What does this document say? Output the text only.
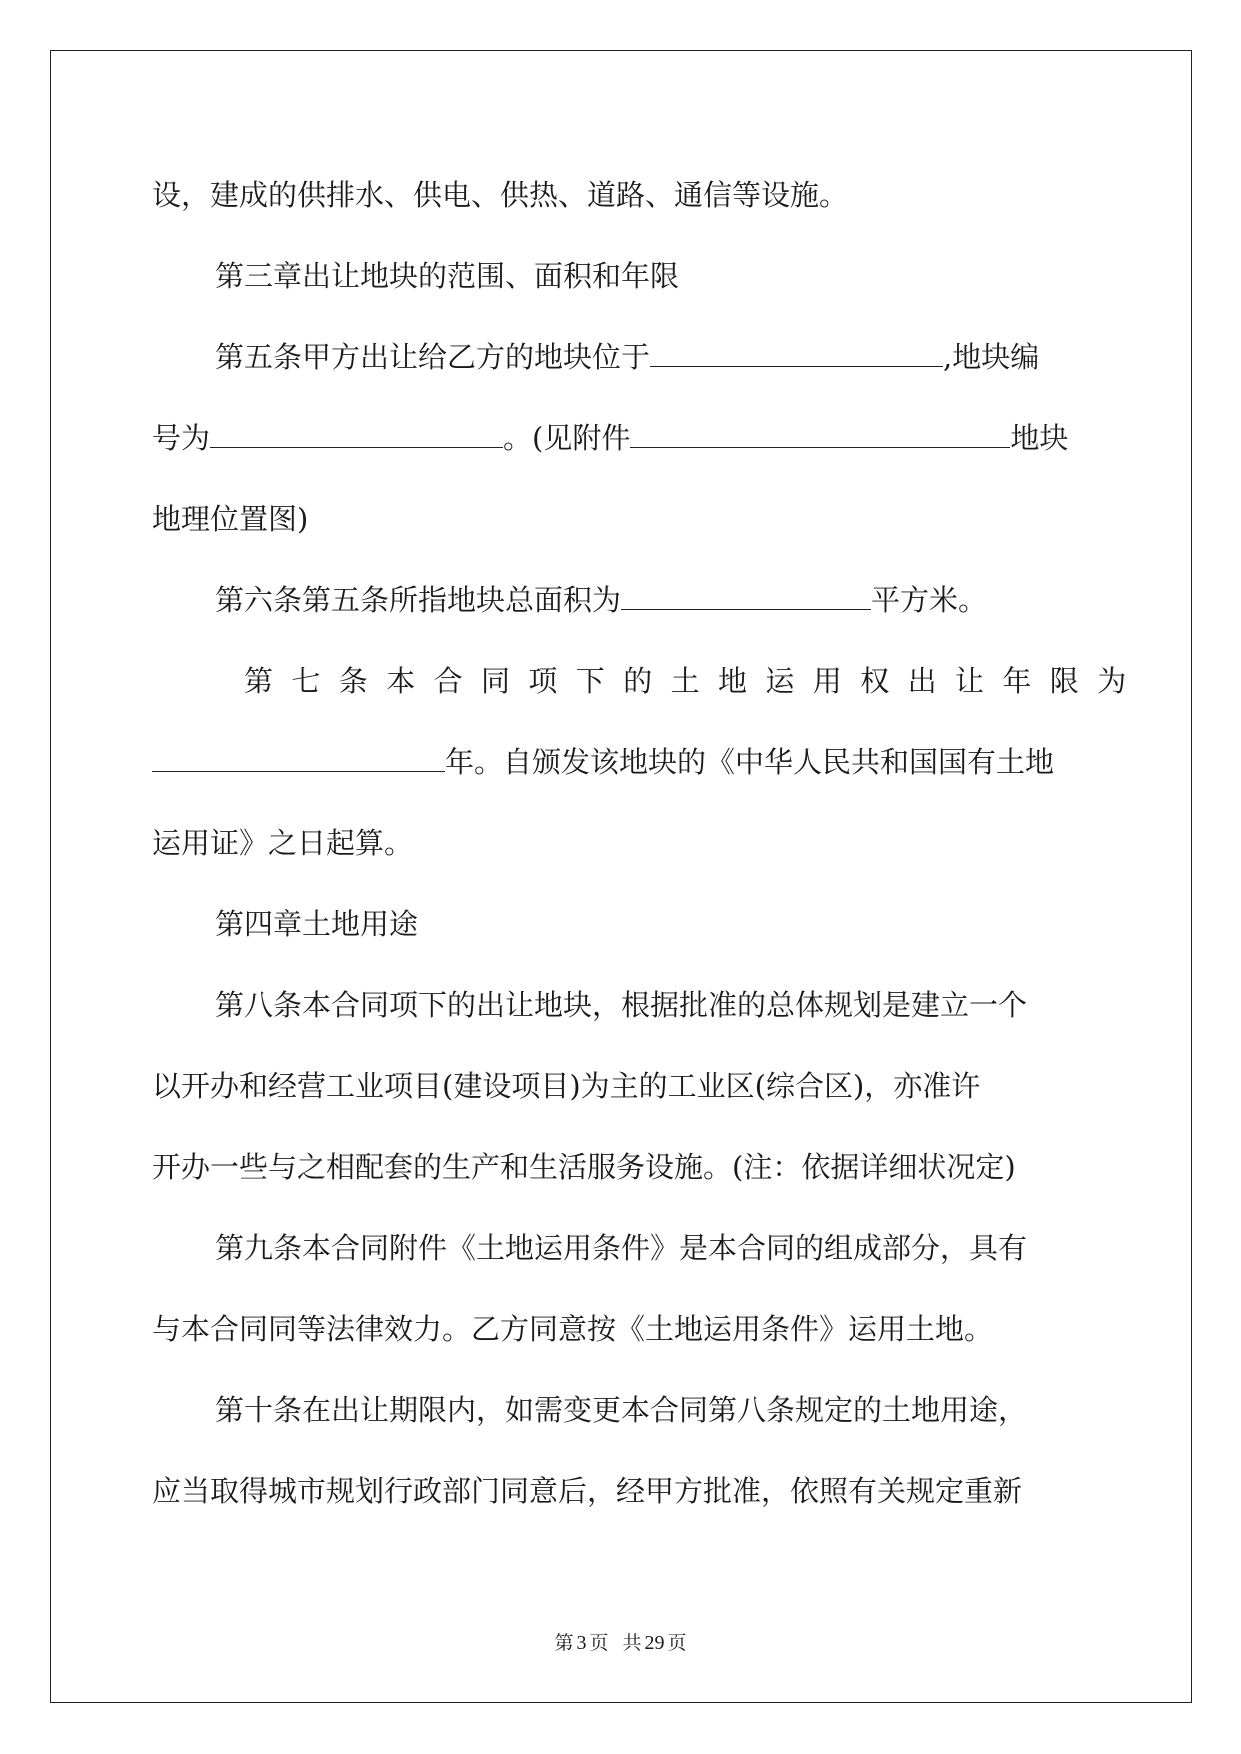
设，建成的供排水、供电、供热、道路、通信等设施。
第三章出让地块的范围、面积和年限
第五条甲方出让给乙方的地块位于	,地块编
号为	。(见附件	地块
地理位置图)
第六条第五条所指地块总面积为	平方米。
第七条本合同项下的土地运用权出让年限为
年。自颁发该地块的《中华人民共和国国有土地
运用证》之日起算。
第四章土地用途
第八条本合同项下的出让地块，根据批准的总体规划是建立一个
以开办和经营工业项目(建设项目)为主的工业区(综合区)，亦准许
开办一些与之相配套的生产和生活服务设施。(注：依据详细状况定)
第九条本合同附件《土地运用条件》是本合同的组成部分，具有
与本合同同等法律效力。乙方同意按《土地运用条件》运用土地。
第十条在出让期限内，如需变更本合同第八条规定的土地用途，
应当取得城市规划行政部门同意后，经甲方批准，依照有关规定重新
第 3 页 共 29 页
